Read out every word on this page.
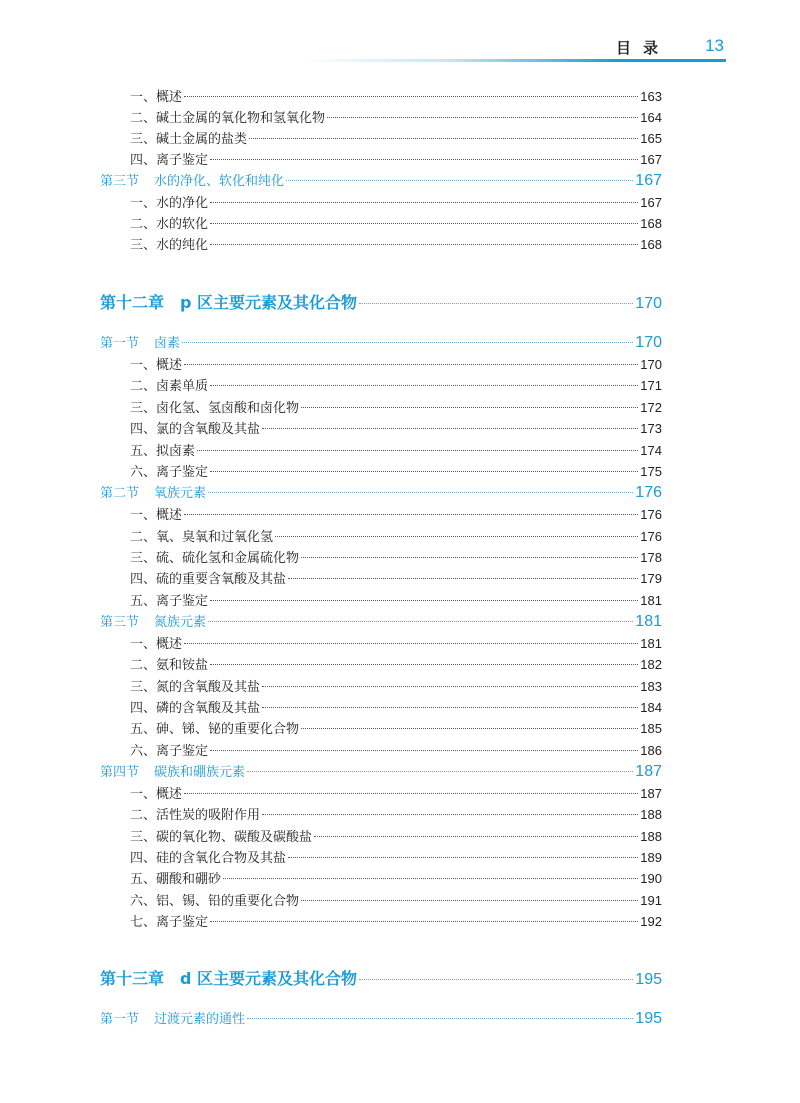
目录 13
一、概述	163
二、碱土金属的氧化物和氢氧化物	164
三、碱土金属的盐类	165
四、离子鉴定	167
第三节 水的净化、软化和纯化	167
一、水的净化	167
二、水的软化	168
三、水的纯化	168
第十二章 p 区主要元素及其化合物	170
第一节 卤素	170
一、概述	170
二、卤素单质	171
三、卤化氢、氢卤酸和卤化物	172
四、氯的含氧酸及其盐	173
五、拟卤素	174
六、离子鉴定	175
第二节 氧族元素	176
一、概述	176
二、氧、臭氧和过氧化氢	176
三、硫、硫化氢和金属硫化物	178
四、硫的重要含氧酸及其盐	179
五、离子鉴定	181
第三节 氮族元素	181
一、概述	181
二、氨和铵盐	182
三、氮的含氧酸及其盐	183
四、磷的含氧酸及其盐	184
五、砷、锑、铋的重要化合物	185
六、离子鉴定	186
第四节 碳族和硼族元素	187
一、概述	187
二、活性炭的吸附作用	188
三、碳的氧化物、碳酸及碳酸盐	188
四、硅的含氧化合物及其盐	189
五、硼酸和硼砂	190
六、铝、锡、铅的重要化合物	191
七、离子鉴定	192
第十三章 d 区主要元素及其化合物	195
第一节 过渡元素的通性	195
